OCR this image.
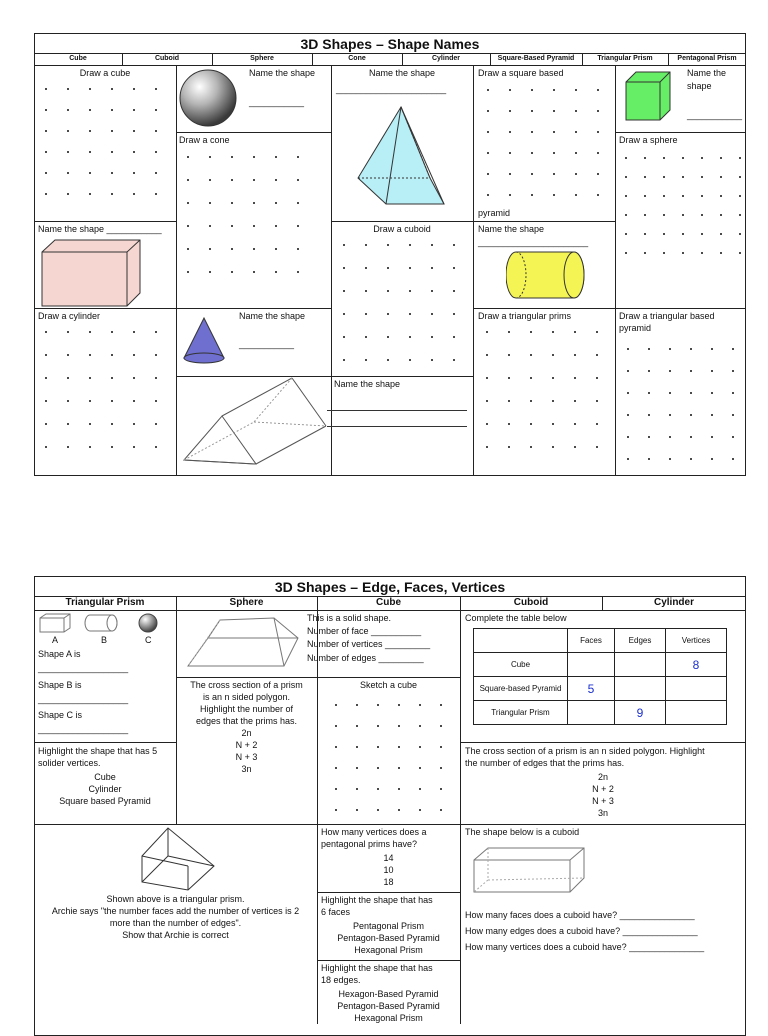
3D Shapes – Shape Names
Cube	Cuboid	Sphere	Cone	Cylinder	Square-Based Pyramid	Triangular Prism	Pentagonal Prism
Draw a cube	Name the shape
___________
Draw a cone
Name the shape
______________________
Draw a square based
pyramid
Name the
shape
___________
Draw a sphere
Name the shape ___________	Draw a cuboid	Name the shape
______________________
Draw a cylinder	Name the shape
___________
Name the shape
Draw a triangular prims	Draw a triangular based pyramid
3D Shapes – Edge, Faces, Vertices
Triangular Prism	Sphere	Cube	Cuboid	Cylinder
A	B	C
Shape A is
__________________
Shape B is
__________________
Shape C is
__________________
This is a solid shape.
Number of face __________
Number of vertices _________
Number of edges _________
Complete the table below
	Faces	Edges	Vertices
Cube			8
Square-based Pyramid	5		
Triangular Prism		9	
The cross section of a prism
is an n sided polygon.
Highlight the number of
edges that the prims has.
2n
N + 2
N + 3
3n
Sketch a cube
Highlight the shape that has 5
solider vertices.
Cube
Cylinder
Square based Pyramid
The cross section of a prism is an n sided polygon. Highlight
the number of edges that the prims has.
2n
N + 2
N + 3
3n
Shown above is a triangular prism.
Archie says "the number faces add the number of vertices is 2
more than the number of edges".
Show that Archie is correct
How many vertices does a
pentagonal prims have?
14
10
18
Highlight the shape that has
6 faces
Pentagonal Prism
Pentagon-Based Pyramid
Hexagonal Prism
Highlight the shape that has
18 edges.
Hexagon-Based Pyramid
Pentagon-Based Pyramid
Hexagonal Prism
The shape below is a cuboid
How many faces does a cuboid have? _______________
How many edges does a cuboid have? _______________
How many vertices does a cuboid have? _______________
